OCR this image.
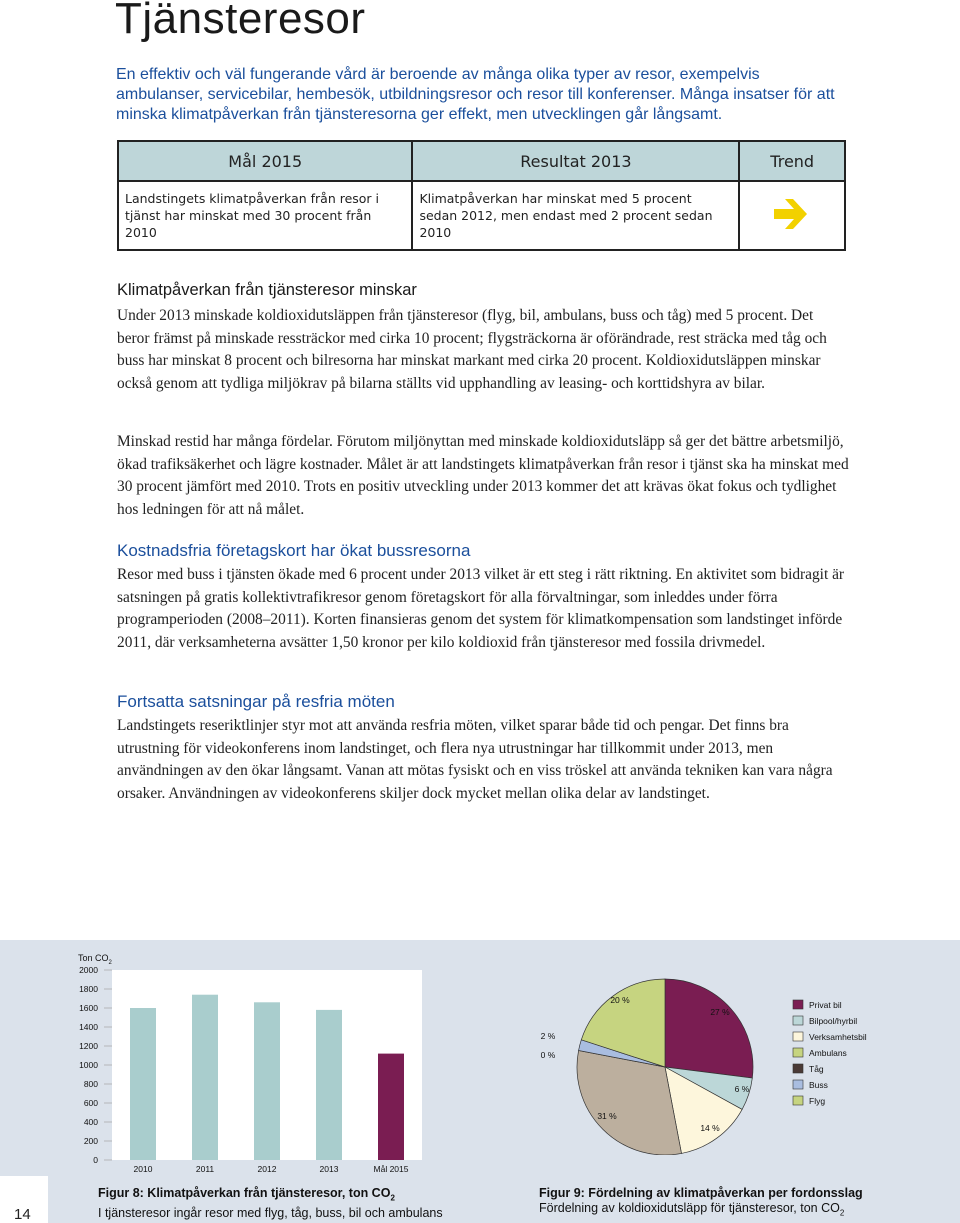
Tjänsteresor

En effektiv och väl fungerande vård är beroende av många olika typer av resor, exempelvis ambulanser, servicebilar, hembesök, utbildningsresor och resor till konferenser. Många insatser för att minska klimatpåverkan från tjänsteresorna ger effekt, men utvecklingen går långsamt.

Mål 2015	Resultat 2013	Trend
Landstingets klimatpåverkan från resor i tjänst har minskat med 30 procent från 2010	Klimatpåverkan har minskat med 5 procent sedan 2012, men endast med 2 procent sedan 2010	
Klimatpåverkan från tjänsteresor minskar

Under 2013 minskade koldioxidutsläppen från tjänsteresor (flyg, bil, ambulans, buss och tåg) med 5 procent. Det beror främst på minskade ressträckor med cirka 10 procent; flygsträckorna är oförändrade, rest sträcka med tåg och buss har minskat 8 procent och bilresorna har minskat markant med cirka 20 procent. Koldioxidutsläppen minskar också genom att tydliga miljökrav på bilarna ställts vid upphandling av leasing- och korttidshyra av bilar.

Minskad restid har många fördelar. Förutom miljönyttan med minskade koldioxidutsläpp så ger det bättre arbetsmiljö, ökad trafiksäkerhet och lägre kostnader. Målet är att landstingets klimatpåverkan från resor i tjänst ska ha minskat med 30 procent jämfört med 2010. Trots en positiv utveckling under 2013 kommer det att krävas ökat fokus och tydlighet hos ledningen för att nå målet.

Kostnadsfria företagskort har ökat bussresorna

Resor med buss i tjänsten ökade med 6 procent under 2013 vilket är ett steg i rätt riktning. En aktivitet som bidragit är satsningen på gratis kollektivtrafikresor genom företagskort för alla förvaltningar, som inleddes under förra programperioden (2008–2011). Korten finansieras genom det system för klimatkompensation som landstinget införde 2011, där verksamheterna avsätter 1,50 kronor per kilo koldioxid från tjänsteresor med fossila drivmedel.

Fortsatta satsningar på resfria möten

Landstingets reseriktlinjer styr mot att använda resfria möten, vilket sparar både tid och pengar. Det finns bra utrustning för videokonferens inom landstinget, och flera nya utrustningar har tillkommit under 2013, men användningen av den ökar långsamt. Vanan att mötas fysiskt och en viss tröskel att använda tekniken kan vara några orsaker. Användningen av videokonferens skiljer dock mycket mellan olika delar av landstinget.

14
Ton $CO_2$
0
200
400
600
800
1000
1200
1400
1600
1800
2000
2010	2011	2012	2013	Mål 2015
27 %
6 %
14 %
31 %
0 %
2 %
20 %	Privat bil
Bilpool/hyrbil
Verksamhetsbil
Ambulans
Tåg
Buss
Flyg
Figur 8: Klimatpåverkan från tjänsteresor, ton $CO_2$
I tjänsteresor ingår resor med flyg, tåg, buss, bil och ambulans
Figur 9: Fördelning av klimatpåverkan per fordonsslag
Fördelning av koldioxidutsläpp för tjänsteresor, ton $CO_2$
